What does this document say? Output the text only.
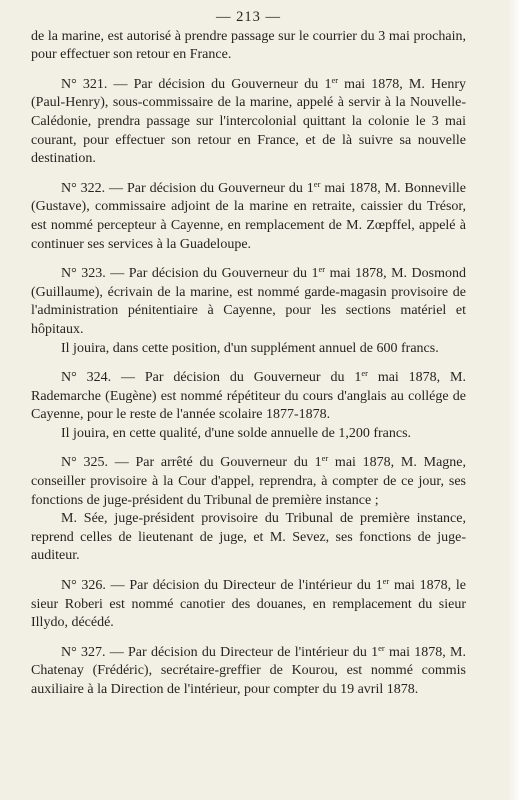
— 213 —

de la marine, est autorisé à prendre passage sur le courrier du 3 mai prochain, pour effectuer son retour en France.

N° 321. — Par décision du Gouverneur du 1er mai 1878, M. Henry (Paul-Henry), sous-commissaire de la marine, appelé à servir à la Nouvelle-Calédonie, prendra passage sur l'intercolonial quittant la colonie le 3 mai courant, pour effectuer son retour en France, et de là suivre sa nouvelle destination.

N° 322. — Par décision du Gouverneur du 1er mai 1878, M. Bonneville (Gustave), commissaire adjoint de la marine en retraite, caissier du Trésor, est nommé percepteur à Cayenne, en remplacement de M. Zœpffel, appelé à continuer ses services à la Guadeloupe.

N° 323. — Par décision du Gouverneur du 1er mai 1878, M. Dosmond (Guillaume), écrivain de la marine, est nommé garde-magasin provisoire de l'administration pénitentiaire à Cayenne, pour les sections matériel et hôpitaux.

Il jouira, dans cette position, d'un supplément annuel de 600 francs.

N° 324. — Par décision du Gouverneur du 1er mai 1878, M. Rademarche (Eugène) est nommé répétiteur du cours d'anglais au collége de Cayenne, pour le reste de l'année scolaire 1877-1878.

Il jouira, en cette qualité, d'une solde annuelle de 1,200 francs.

N° 325. — Par arrêté du Gouverneur du 1er mai 1878, M. Magne, conseiller provisoire à la Cour d'appel, reprendra, à compter de ce jour, ses fonctions de juge-président du Tribunal de première instance ;

M. Sée, juge-président provisoire du Tribunal de première instance, reprend celles de lieutenant de juge, et M. Sevez, ses fonctions de juge-auditeur.

N° 326. — Par décision du Directeur de l'intérieur du 1er mai 1878, le sieur Roberi est nommé canotier des douanes, en remplacement du sieur Illydo, décédé.

N° 327. — Par décision du Directeur de l'intérieur du 1er mai 1878, M. Chatenay (Frédéric), secrétaire-greffier de Kourou, est nommé commis auxiliaire à la Direction de l'intérieur, pour compter du 19 avril 1878.
